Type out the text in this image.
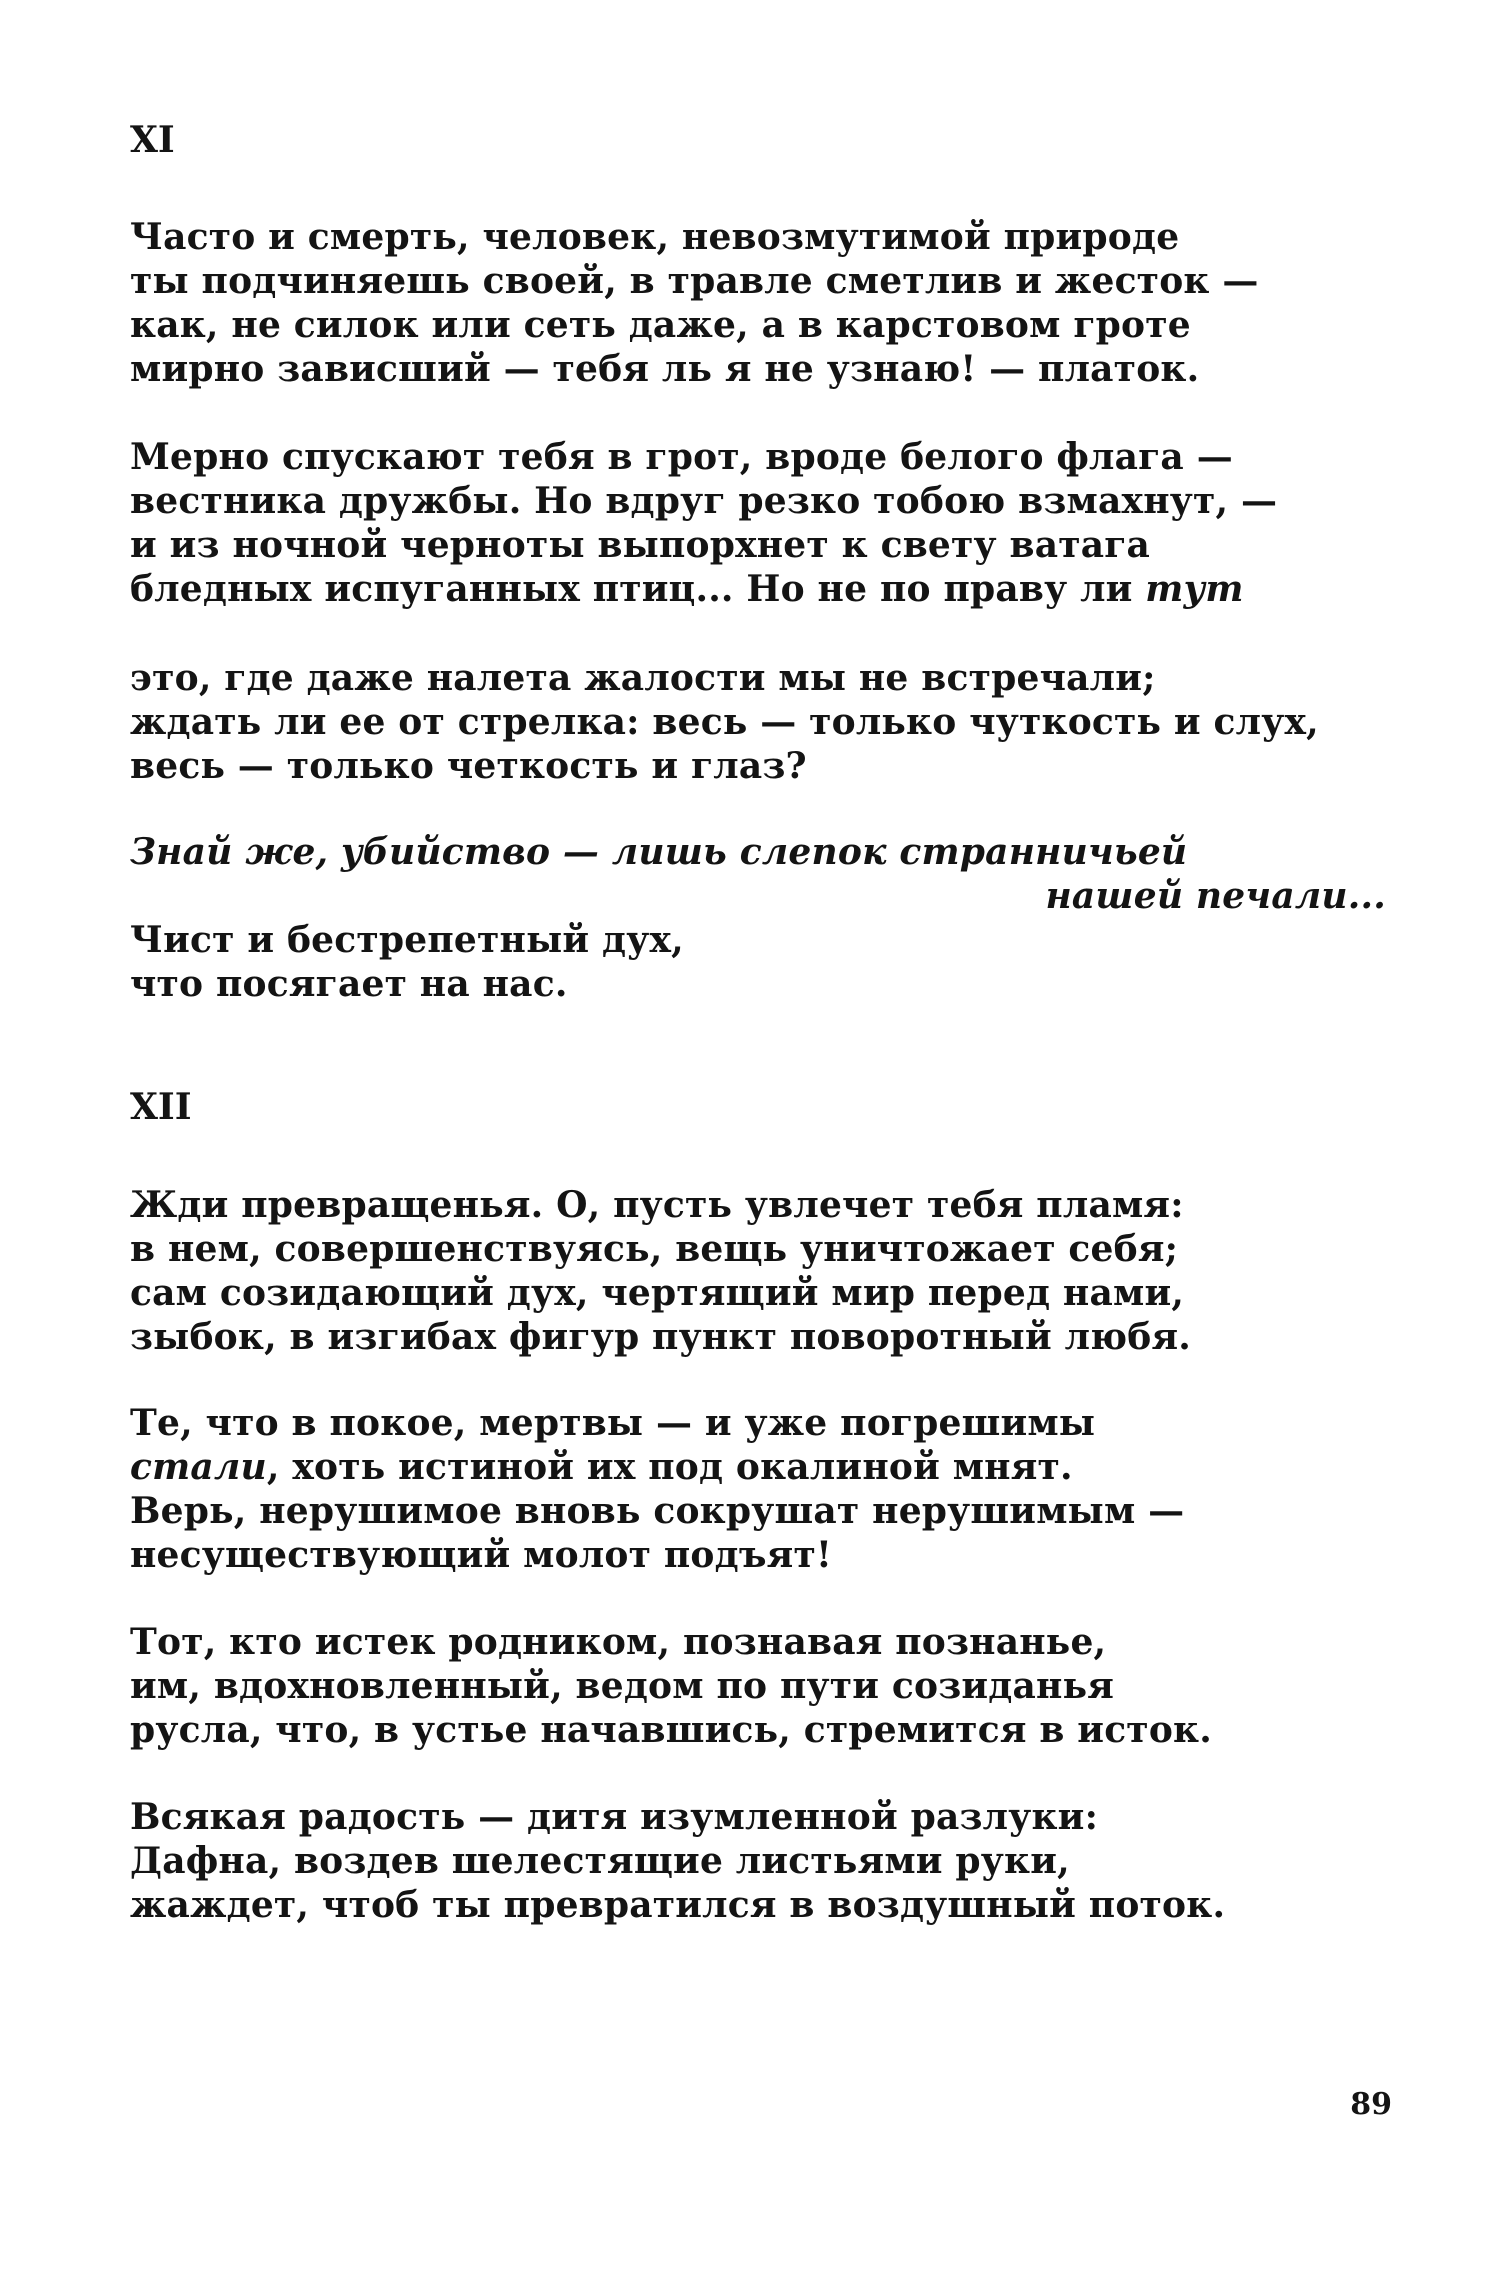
XI
Часто и смерть, человек, невозмутимой природе
ты подчиняешь своей, в травле сметлив и жесток —
как, не силок или сеть даже, а в карстовом гроте
мирно зависший — тебя ль я не узнаю! — платок.
Мерно спускают тебя в грот, вроде белого флага —
вестника дружбы. Но вдруг резко тобою взмахнут, —
и из ночной черноты выпорхнет к свету ватага
бледных испуганных птиц... Но не по праву ли тут
это, где даже налета жалости мы не встречали;
ждать ли ее от стрелка: весь — только чуткость и слух,
весь — только четкость и глаз?
Знай же, убийство — лишь слепок странничьей
нашей печали...
Чист и бестрепетный дух,
что посягает на нас.
XII
Жди превращенья. О, пусть увлечет тебя пламя:
в нем, совершенствуясь, вещь уничтожает себя;
сам созидающий дух, чертящий мир перед нами,
зыбок, в изгибах фигур пункт поворотный любя.
Те, что в покое, мертвы — и уже погрешимы
стали, хоть истиной их под окалиной мнят.
Верь, нерушимое вновь сокрушат нерушимым —
несуществующий молот подъят!
Тот, кто истек родником, познавая познанье,
им, вдохновленный, ведом по пути созиданья
русла, что, в устье начавшись, стремится в исток.
Всякая радость — дитя изумленной разлуки:
Дафна, воздев шелестящие листьями руки,
жаждет, чтоб ты превратился в воздушный поток.
89
